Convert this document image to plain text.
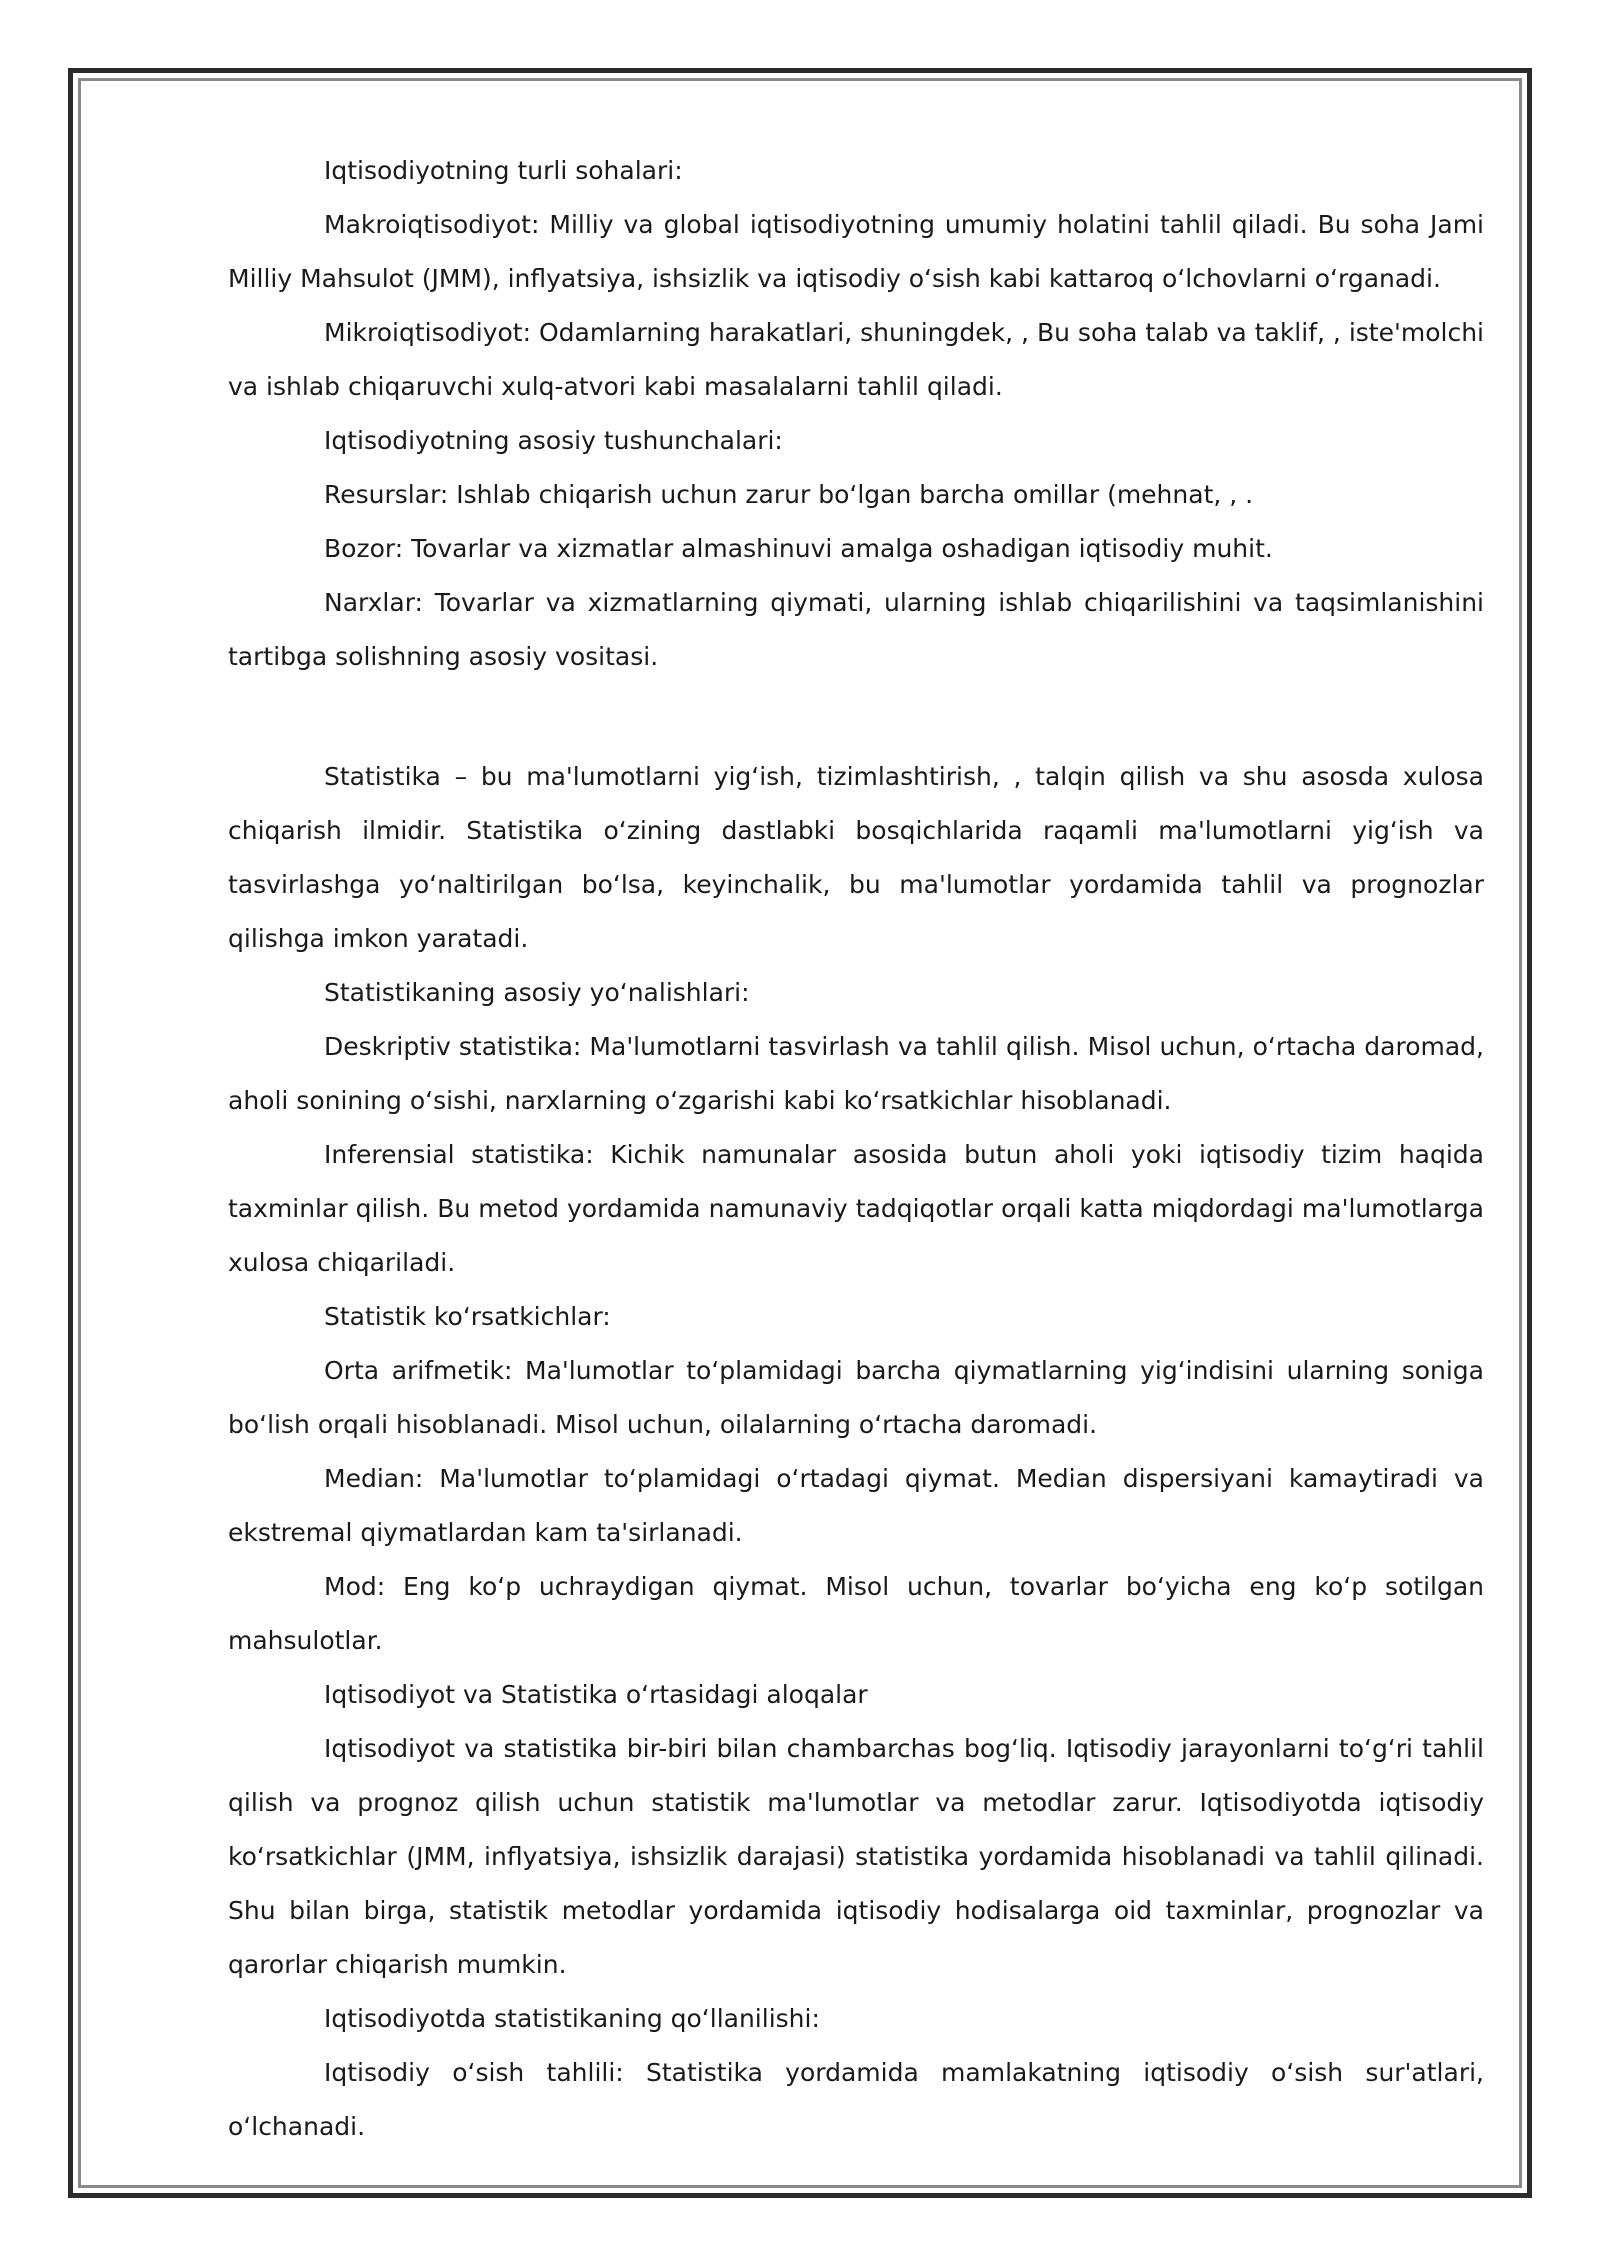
Iqtisodiyotning turli sohalari:

Makroiqtisodiyot: Milliy va global iqtisodiyotning umumiy holatini tahlil qiladi. Bu soha Jami Milliy Mahsulot (JMM), inflyatsiya, ishsizlik va iqtisodiy oʻsish kabi kattaroq oʻlchovlarni oʻrganadi.

Mikroiqtisodiyot: Odamlarning harakatlari, shuningdek, , Bu soha talab va taklif, , iste'molchi va ishlab chiqaruvchi xulq-atvori kabi masalalarni tahlil qiladi.

Iqtisodiyotning asosiy tushunchalari:

Resurslar: Ishlab chiqarish uchun zarur boʻlgan barcha omillar (mehnat, , .

Bozor: Tovarlar va xizmatlar almashinuvi amalga oshadigan iqtisodiy muhit.

Narxlar: Tovarlar va xizmatlarning qiymati, ularning ishlab chiqarilishini va taqsimlanishini tartibga solishning asosiy vositasi.

Statistika – bu ma'lumotlarni yigʻish, tizimlashtirish, , talqin qilish va shu asosda xulosa chiqarish ilmidir. Statistika oʻzining dastlabki bosqichlarida raqamli ma'lumotlarni yigʻish va tasvirlashga yoʻnaltirilgan boʻlsa, keyinchalik, bu ma'lumotlar yordamida tahlil va prognozlar qilishga imkon yaratadi.

Statistikaning asosiy yoʻnalishlari:

Deskriptiv statistika: Ma'lumotlarni tasvirlash va tahlil qilish. Misol uchun, oʻrtacha daromad, aholi sonining oʻsishi, narxlarning oʻzgarishi kabi koʻrsatkichlar hisoblanadi.

Inferensial statistika: Kichik namunalar asosida butun aholi yoki iqtisodiy tizim haqida taxminlar qilish. Bu metod yordamida namunaviy tadqiqotlar orqali katta miqdordagi ma'lumotlarga xulosa chiqariladi.

Statistik koʻrsatkichlar:

Orta arifmetik: Ma'lumotlar toʻplamidagi barcha qiymatlarning yigʻindisini ularning soniga boʻlish orqali hisoblanadi. Misol uchun, oilalarning oʻrtacha daromadi.

Median: Ma'lumotlar toʻplamidagi oʻrtadagi qiymat. Median dispersiyani kamaytiradi va ekstremal qiymatlardan kam ta'sirlanadi.

Mod: Eng koʻp uchraydigan qiymat. Misol uchun, tovarlar boʻyicha eng koʻp sotilgan mahsulotlar.

Iqtisodiyot va Statistika oʻrtasidagi aloqalar

Iqtisodiyot va statistika bir-biri bilan chambarchas bogʻliq. Iqtisodiy jarayonlarni toʻgʻri tahlil qilish va prognoz qilish uchun statistik ma'lumotlar va metodlar zarur. Iqtisodiyotda iqtisodiy koʻrsatkichlar (JMM, inflyatsiya, ishsizlik darajasi) statistika yordamida hisoblanadi va tahlil qilinadi. Shu bilan birga, statistik metodlar yordamida iqtisodiy hodisalarga oid taxminlar, prognozlar va qarorlar chiqarish mumkin.

Iqtisodiyotda statistikaning qoʻllanilishi:

Iqtisodiy oʻsish tahlili: Statistika yordamida mamlakatning iqtisodiy oʻsish sur'atlari, oʻlchanadi.
